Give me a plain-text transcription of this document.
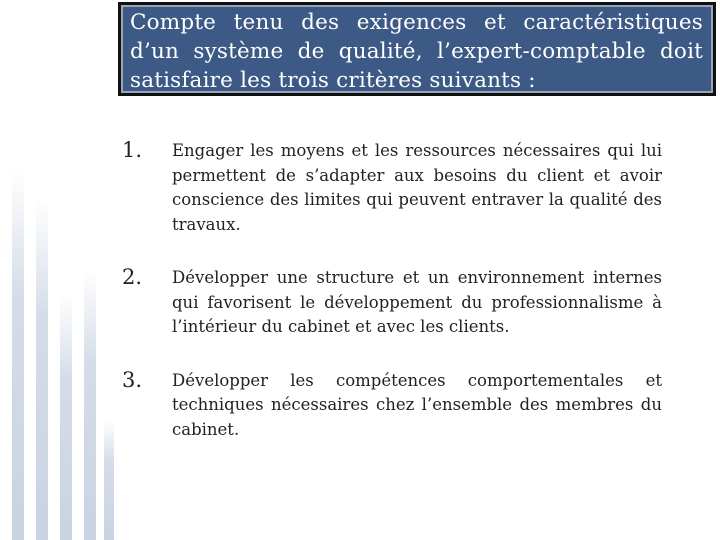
Compte tenu des exigences et caractéristiques d’un système de qualité, l’expert-comptable doit satisfaire les trois critères suivants :

1. Engager les moyens et les ressources nécessaires qui lui permettent de s’adapter aux besoins du client et avoir conscience des limites qui peuvent entraver la qualité des travaux.
2. Développer une structure et un environnement internes qui favorisent le développement du professionnalisme à l’intérieur du cabinet et avec les clients.
3. Développer les compétences comportementales et techniques nécessaires chez l’ensemble des membres du cabinet.
